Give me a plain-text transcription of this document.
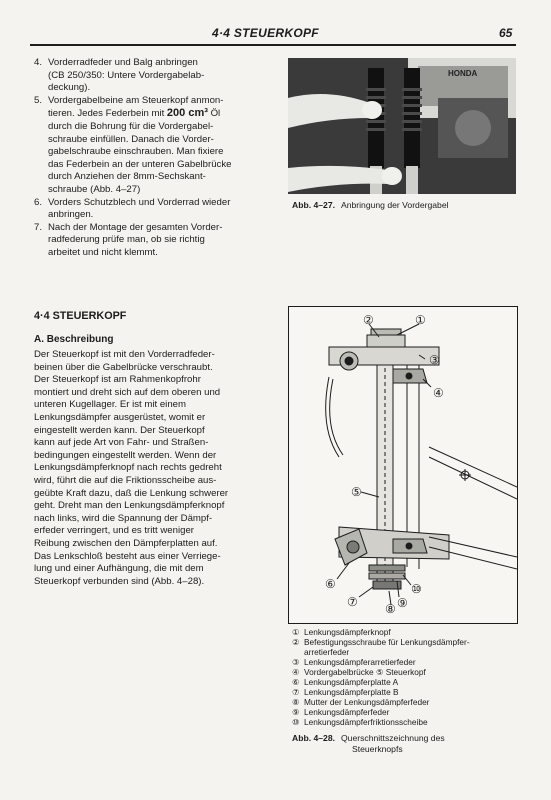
4·4 STEUERKOPF	65
4. Vorderradfeder und Balg anbringen
(CB 250/350: Untere Vordergabelab-
deckung).
5. Vordergabelbeine am Steuerkopf anmon-
tieren. Jedes Federbein mit 200 cm³ Öl
durch die Bohrung für die Vordergabel-
schraube einfüllen. Danach die Vorder-
gabelschraube einschrauben. Man fixiere
das Federbein an der unteren Gabelbrücke
durch Anziehen der 8mm-Sechskant-
schraube (Abb. 4–27)
6. Vorders Schutzblech und Vorderrad wieder
anbringen.
7. Nach der Montage der gesamten Vorder-
radfederung prüfe man, ob sie richtig
arbeitet und nicht klemmt.
HONDA
Abb. 4–27. Anbringung der Vordergabel
4·4 STEUERKOPF
A. Beschreibung
Der Steuerkopf ist mit den Vorderradfeder-
beinen über die Gabelbrücke verschraubt.
Der Steuerkopf ist am Rahmenkopfrohr
montiert und dreht sich auf dem oberen und
unteren Kugellager. Er ist mit einem
Lenkungsdämpfer ausgerüstet, womit er
eingestellt werden kann. Der Steuerkopf
kann auf jede Art von Fahr- und Straßen-
bedingungen eingestellt werden. Wenn der
Lenkungsdämpferknopf nach rechts gedreht
wird, führt die auf die Friktionsscheibe aus-
geübte Kraft dazu, daß die Lenkung schwerer
geht. Dreht man den Lenkungsdämpferknopf
nach links, wird die Spannung der Dämpf-
erfeder verringert, und es tritt weniger
Reibung zwischen den Dämpferplatten auf.
Das Lenkschloß besteht aus einer Verriege-
lung und einer Aufhängung, die mit dem
Steuerkopf verbunden sind (Abb. 4–28).
②	①
③
④
⑤
⑥
⑦ ⑧ ⑨
⑩
① Lenkungsdämpferknopf
② Befestigungsschraube für Lenkungsdämpfer-
arretierfeder
③ Lenkungsdämpferarretierfeder
④ Vordergabelbrücke ⑤ Steuerkopf
⑥ Lenkungsdämpferplatte A
⑦ Lenkungsdämpferplatte B
⑧ Mutter der Lenkungsdämpferfeder
⑨ Lenkungsdämpferfeder
⑩ Lenkungsdämpferfriktionsscheibe
Abb. 4–28. Querschnittszeichnung des
Steuerknopfs
